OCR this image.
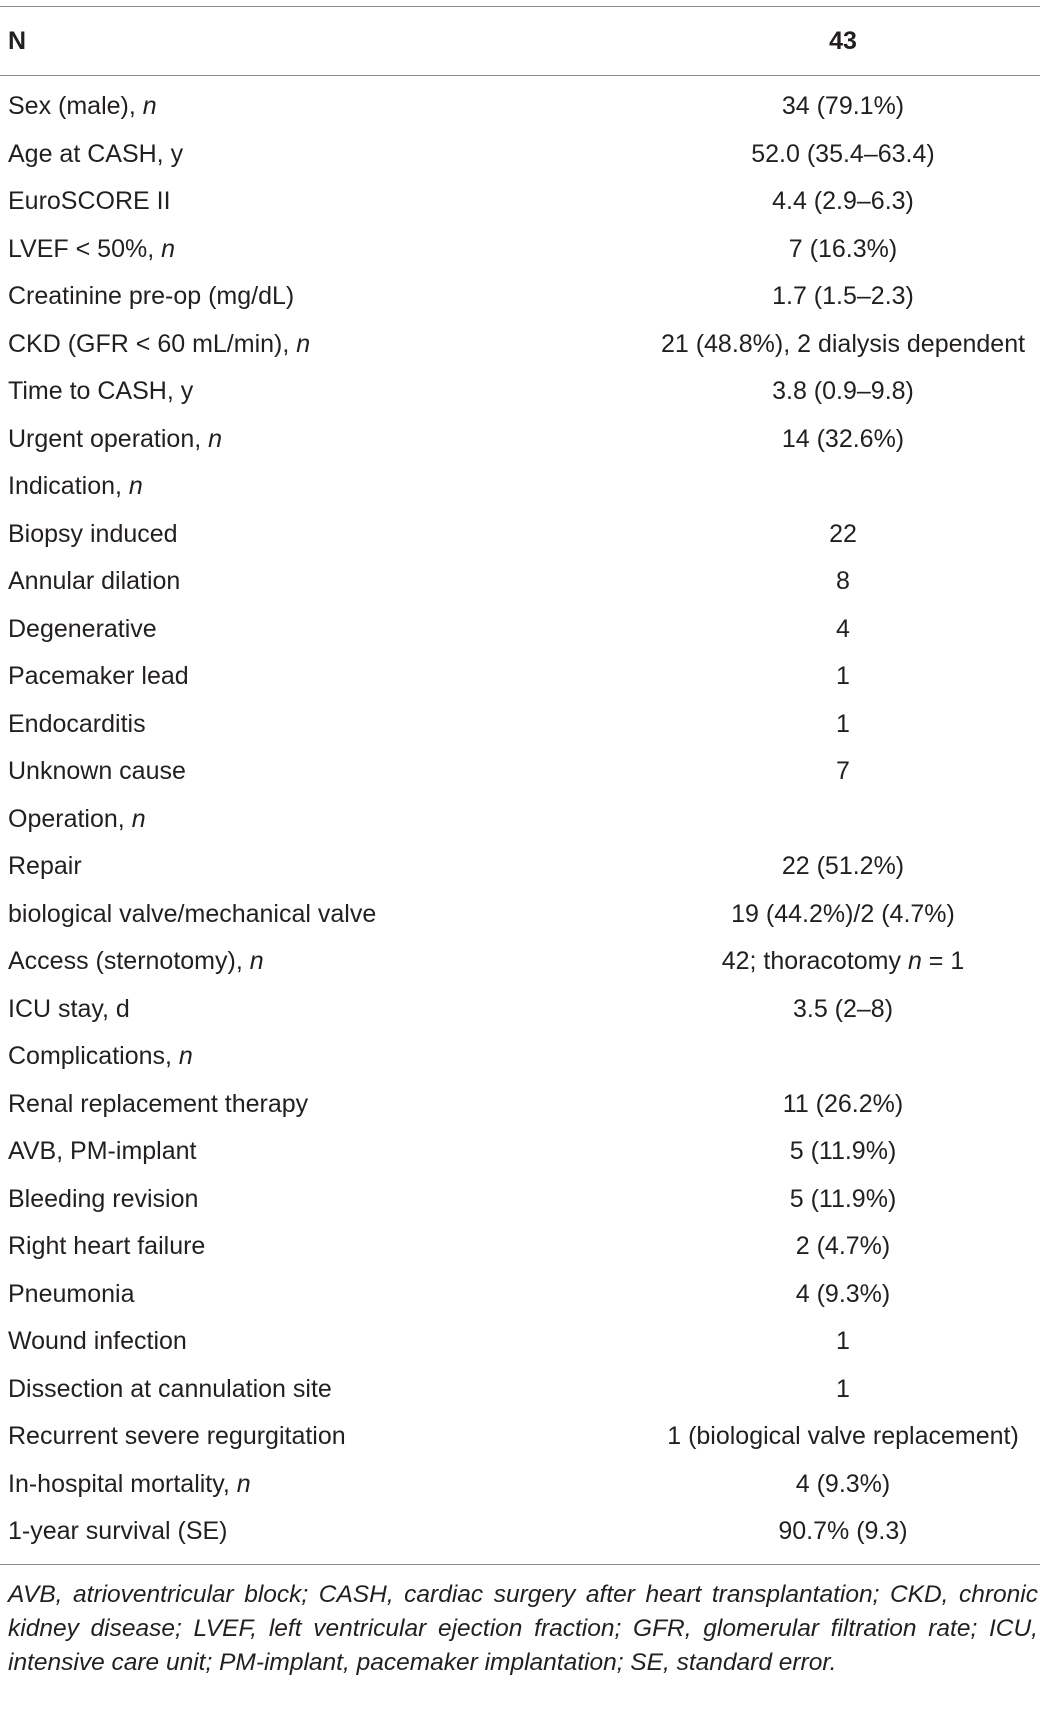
N	43
Sex (male), n	34 (79.1%)
Age at CASH, y	52.0 (35.4–63.4)
EuroSCORE II	4.4 (2.9–6.3)
LVEF < 50%, n	7 (16.3%)
Creatinine pre-op (mg/dL)	1.7 (1.5–2.3)
CKD (GFR < 60 mL/min), n	21 (48.8%), 2 dialysis dependent
Time to CASH, y	3.8 (0.9–9.8)
Urgent operation, n	14 (32.6%)
Indication, n
Biopsy induced	22
Annular dilation	8
Degenerative	4
Pacemaker lead	1
Endocarditis	1
Unknown cause	7
Operation, n
Repair	22 (51.2%)
biological valve/mechanical valve	19 (44.2%)/2 (4.7%)
Access (sternotomy), n	42; thoracotomy n = 1
ICU stay, d	3.5 (2–8)
Complications, n
Renal replacement therapy	11 (26.2%)
AVB, PM-implant	5 (11.9%)
Bleeding revision	5 (11.9%)
Right heart failure	2 (4.7%)
Pneumonia	4 (9.3%)
Wound infection	1
Dissection at cannulation site	1
Recurrent severe regurgitation	1 (biological valve replacement)
In-hospital mortality, n	4 (9.3%)
1-year survival (SE)	90.7% (9.3)
AVB, atrioventricular block; CASH, cardiac surgery after heart transplantation; CKD, chronic kidney disease; LVEF, left ventricular ejection fraction; GFR, glomerular filtration rate; ICU, intensive care unit; PM-implant, pacemaker implantation; SE, standard error.
